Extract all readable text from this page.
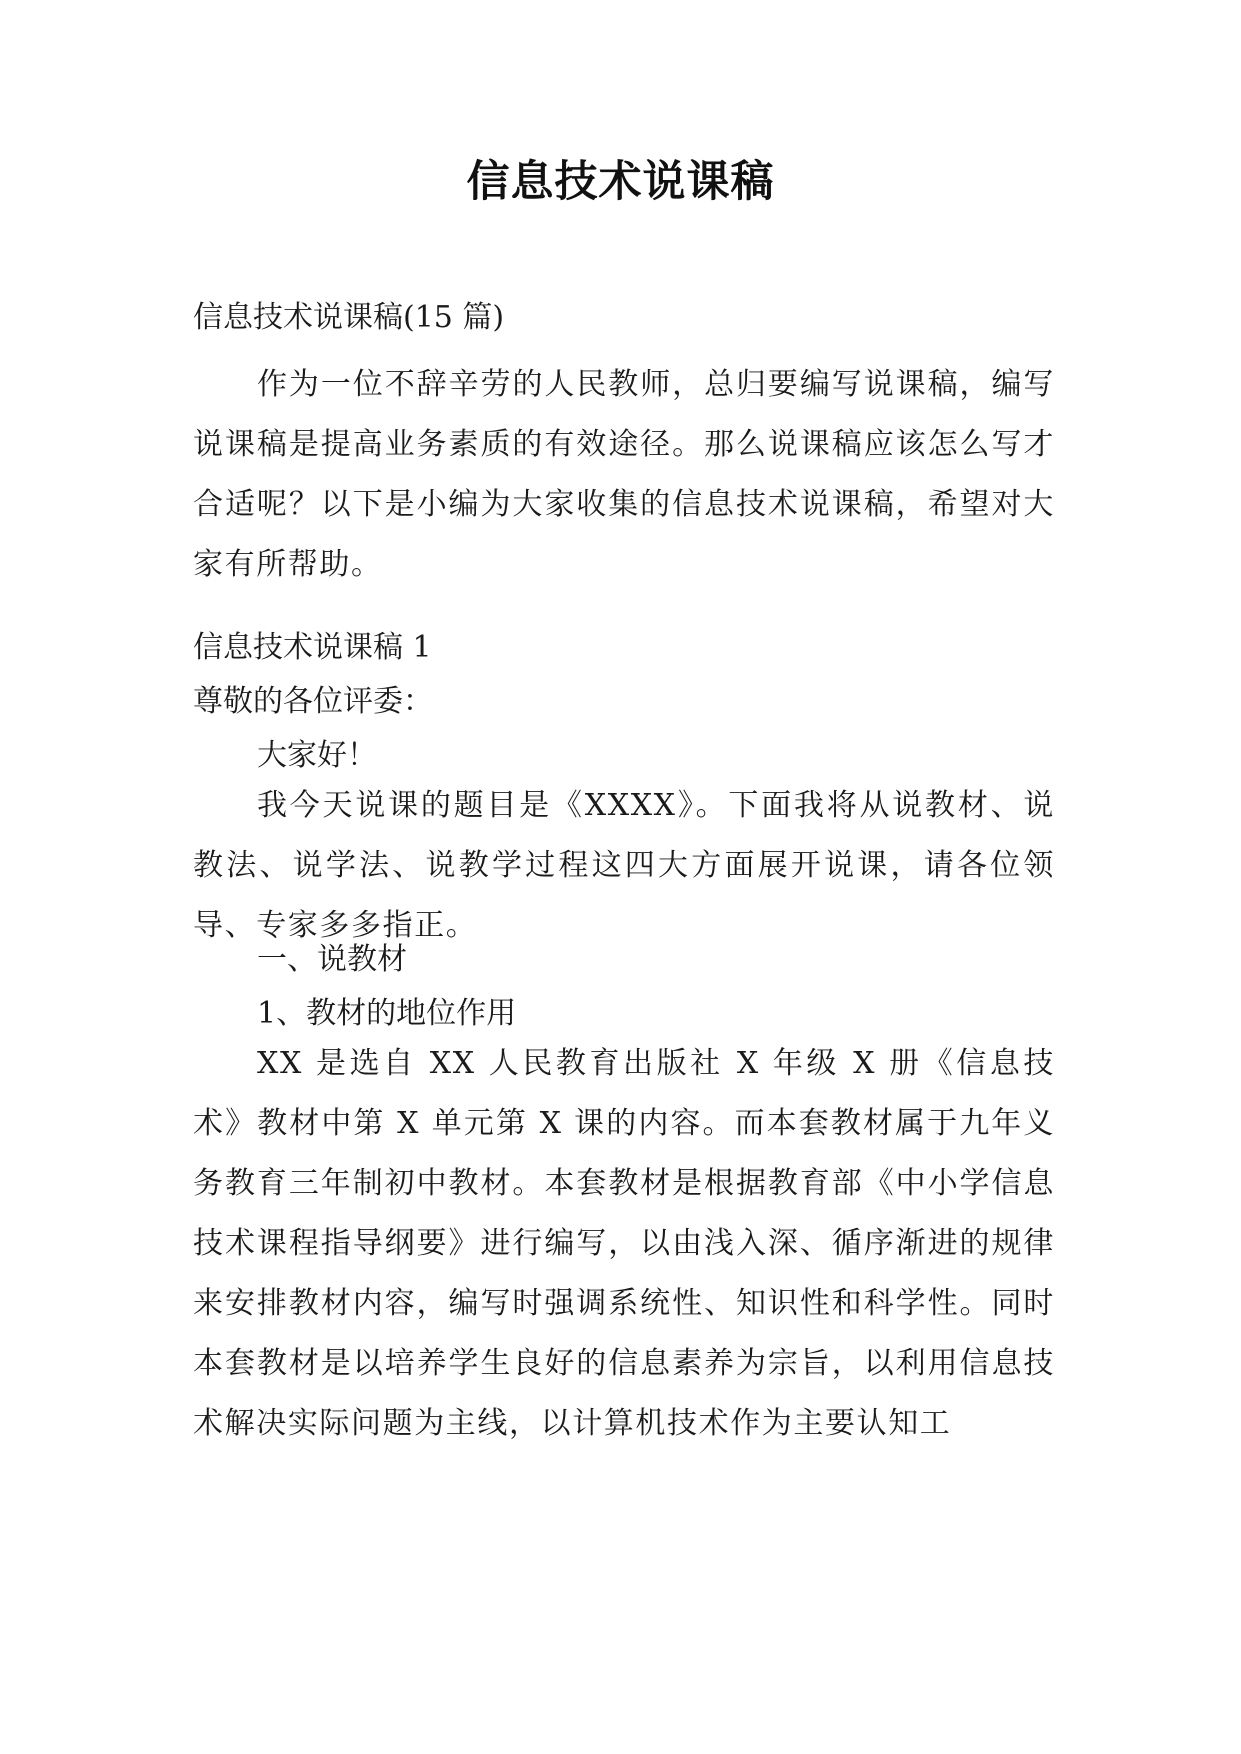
信息技术说课稿

信息技术说课稿(15 篇)

作为一位不辞辛劳的人民教师，总归要编写说课稿，编写说课稿是提高业务素质的有效途径。那么说课稿应该怎么写才合适呢？以下是小编为大家收集的信息技术说课稿，希望对大家有所帮助。

信息技术说课稿 1

尊敬的各位评委：

大家好！

我今天说课的题目是《XXXX》。下面我将从说教材、说教法、说学法、说教学过程这四大方面展开说课，请各位领导、专家多多指正。

一、说教材

1、教材的地位作用

XX 是选自 XX 人民教育出版社 X 年级 X 册《信息技术》教材中第 X 单元第 X 课的内容。而本套教材属于九年义务教育三年制初中教材。本套教材是根据教育部《中小学信息技术课程指导纲要》进行编写，以由浅入深、循序渐进的规律来安排教材内容，编写时强调系统性、知识性和科学性。同时本套教材是以培养学生良好的信息素养为宗旨，以利用信息技术解决实际问题为主线，以计算机技术作为主要认知工
